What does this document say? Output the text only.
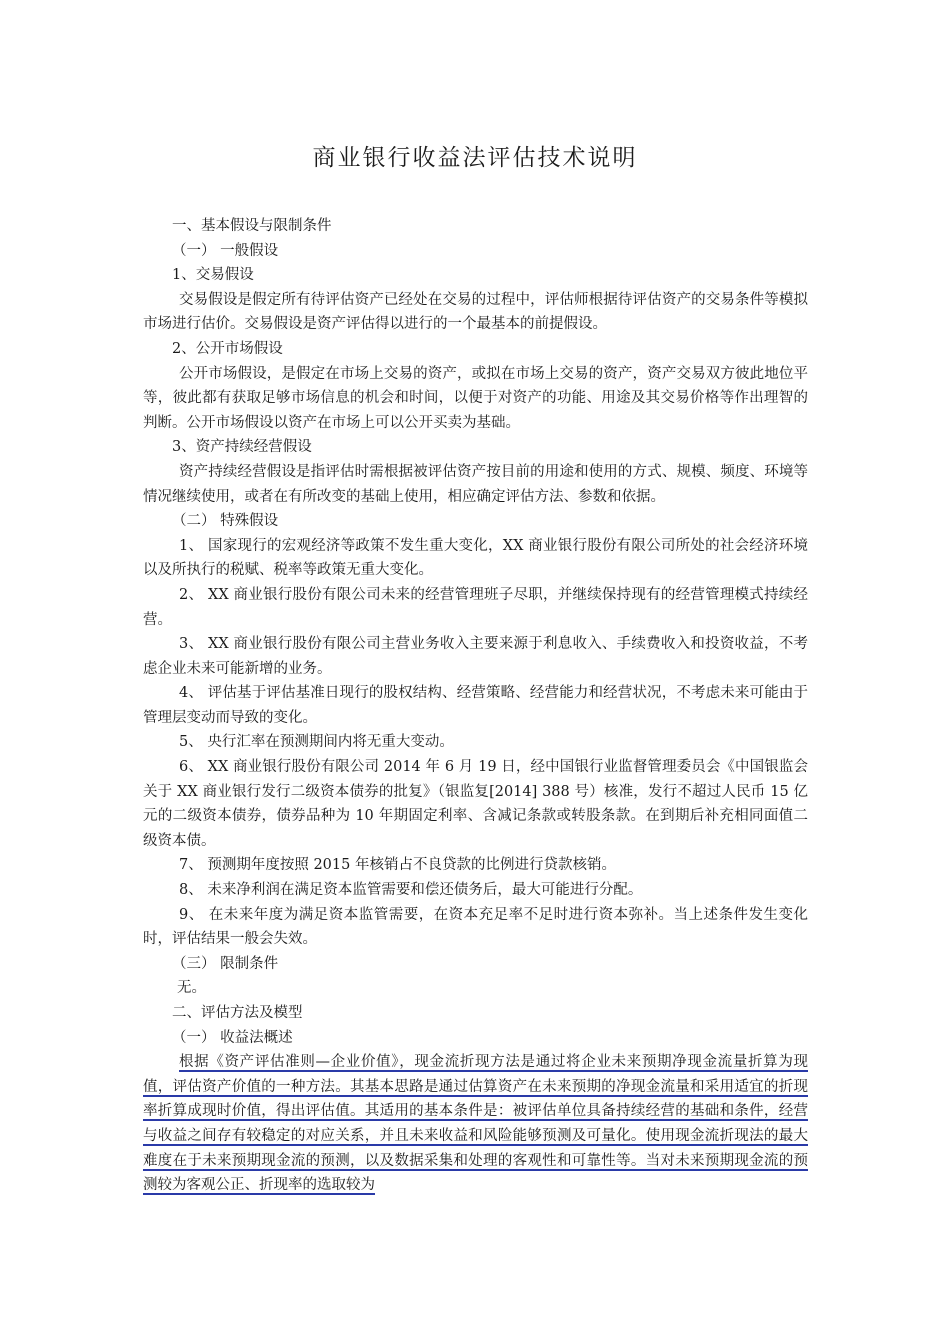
商业银行收益法评估技术说明

一、基本假设与限制条件

（一） 一般假设

1、交易假设

交易假设是假定所有待评估资产已经处在交易的过程中，评估师根据待评估资产的交易条件等模拟市场进行估价。交易假设是资产评估得以进行的一个最基本的前提假设。

2、公开市场假设

公开市场假设，是假定在市场上交易的资产，或拟在市场上交易的资产，资产交易双方彼此地位平等，彼此都有获取足够市场信息的机会和时间，以便于对资产的功能、用途及其交易价格等作出理智的判断。公开市场假设以资产在市场上可以公开买卖为基础。

3、资产持续经营假设

资产持续经营假设是指评估时需根据被评估资产按目前的用途和使用的方式、规模、频度、环境等情况继续使用，或者在有所改变的基础上使用，相应确定评估方法、参数和依据。

（二） 特殊假设

1、 国家现行的宏观经济等政策不发生重大变化，XX 商业银行股份有限公司所处的社会经济环境以及所执行的税赋、税率等政策无重大变化。

2、 XX 商业银行股份有限公司未来的经营管理班子尽职，并继续保持现有的经营管理模式持续经营。

3、 XX 商业银行股份有限公司主营业务收入主要来源于利息收入、手续费收入和投资收益，不考虑企业未来可能新增的业务。

4、 评估基于评估基准日现行的股权结构、经营策略、经营能力和经营状况，不考虑未来可能由于管理层变动而导致的变化。

5、 央行汇率在预测期间内将无重大变动。

6、 XX 商业银行股份有限公司 2014 年 6 月 19 日，经中国银行业监督管理委员会《中国银监会关于 XX 商业银行发行二级资本债券的批复》（银监复[2014] 388 号）核准，发行不超过人民币 15 亿元的二级资本债券，债券品种为 10 年期固定利率、含减记条款或转股条款。在到期后补充相同面值二级资本债。

7、 预测期年度按照 2015 年核销占不良贷款的比例进行贷款核销。

8、 未来净利润在满足资本监管需要和偿还债务后，最大可能进行分配。

9、 在未来年度为满足资本监管需要，在资本充足率不足时进行资本弥补。当上述条件发生变化时，评估结果一般会失效。

（三） 限制条件

无。

二、评估方法及模型

（一） 收益法概述

根据《资产评估准则—企业价值》，现金流折现方法是通过将企业未来预期净现金流量折算为现值，评估资产价值的一种方法。其基本思路是通过估算资产在未来预期的净现金流量和采用适宜的折现率折算成现时价值，得出评估值。其适用的基本条件是：被评估单位具备持续经营的基础和条件，经营与收益之间存有较稳定的对应关系，并且未来收益和风险能够预测及可量化。使用现金流折现法的最大难度在于未来预期现金流的预测，以及数据采集和处理的客观性和可靠性等。当对未来预期现金流的预测较为客观公正、折现率的选取较为
